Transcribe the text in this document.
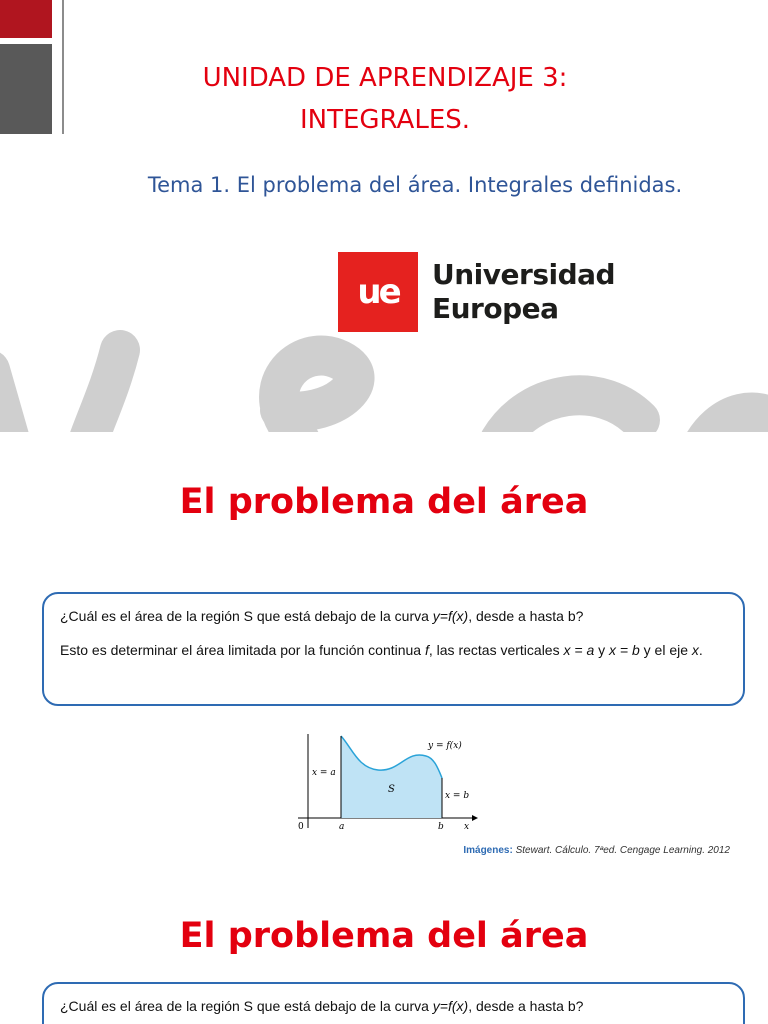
UNIDAD DE APRENDIZAJE 3:
INTEGRALES.
Tema 1. El problema del área. Integrales definidas.
ue Universidad
Europea
El problema del área

¿Cuál es el área de la región S que está debajo de la curva y=f(x), desde a hasta b?

Esto es determinar el área limitada por la función continua f, las rectas verticales x = a y x = b y el eje x.

y = f(x)
x = a
x = b
S
0	a	b x
Imágenes: Stewart. Cálculo. 7ªed. Cengage Learning. 2012
El problema del área

¿Cuál es el área de la región S que está debajo de la curva y=f(x), desde a hasta b?
